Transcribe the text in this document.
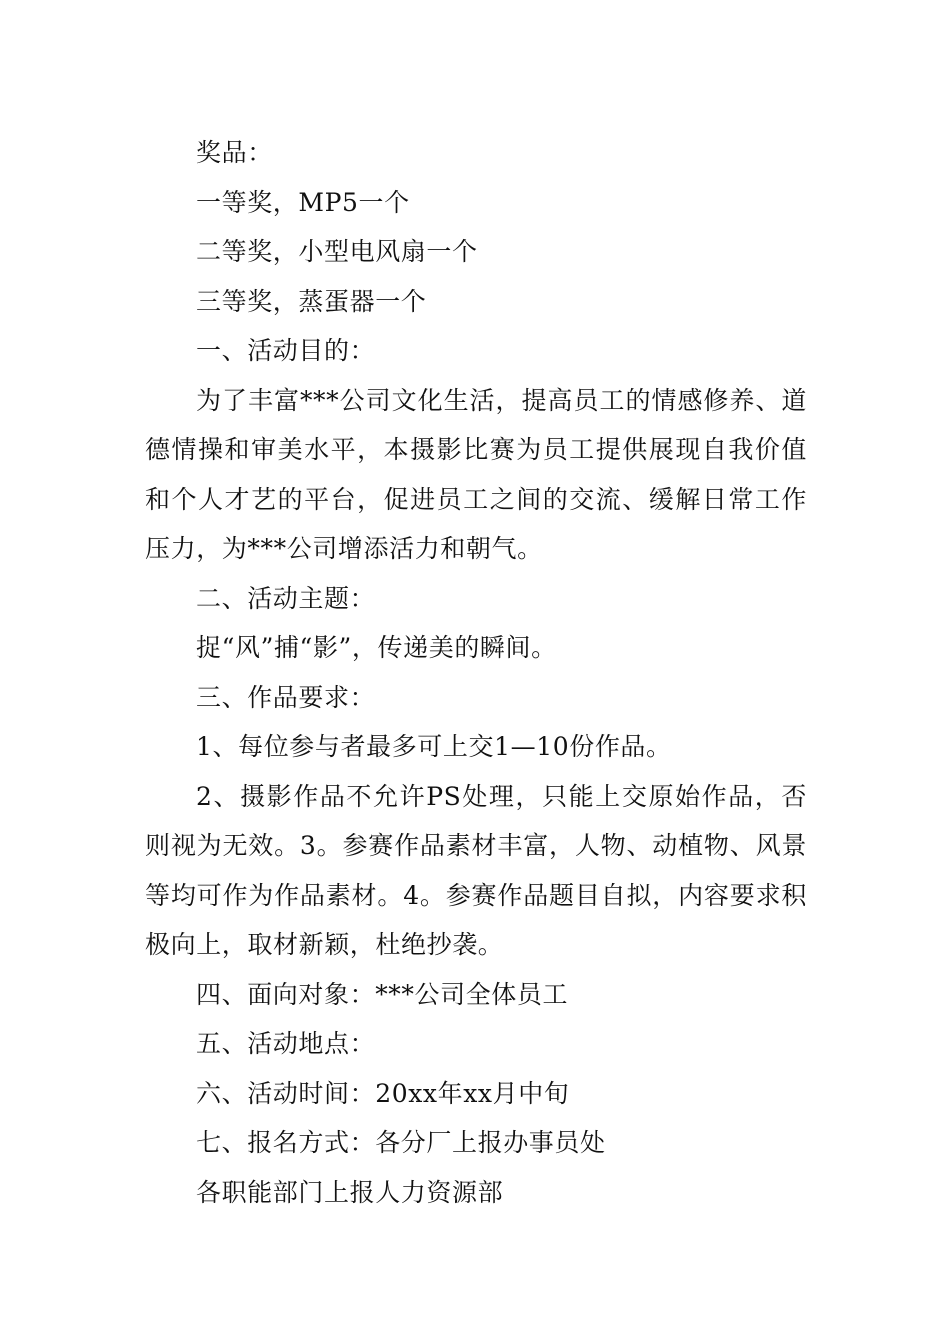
奖品：

一等奖，MP5一个

二等奖，小型电风扇一个

三等奖，蒸蛋器一个

一、活动目的：

为了丰富***公司文化生活，提高员工的情感修养、道德情操和审美水平，本摄影比赛为员工提供展现自我价值和个人才艺的平台，促进员工之间的交流、缓解日常工作压力，为***公司增添活力和朝气。

二、活动主题：

捉“风”捕“影”，传递美的瞬间。

三、作品要求：

1、每位参与者最多可上交1—10份作品。

2、摄影作品不允许PS处理，只能上交原始作品，否则视为无效。3。参赛作品素材丰富，人物、动植物、风景等均可作为作品素材。4。参赛作品题目自拟，内容要求积极向上，取材新颖，杜绝抄袭。

四、面向对象：***公司全体员工

五、活动地点：

六、活动时间：20xx年xx月中旬

七、报名方式：各分厂上报办事员处

各职能部门上报人力资源部
